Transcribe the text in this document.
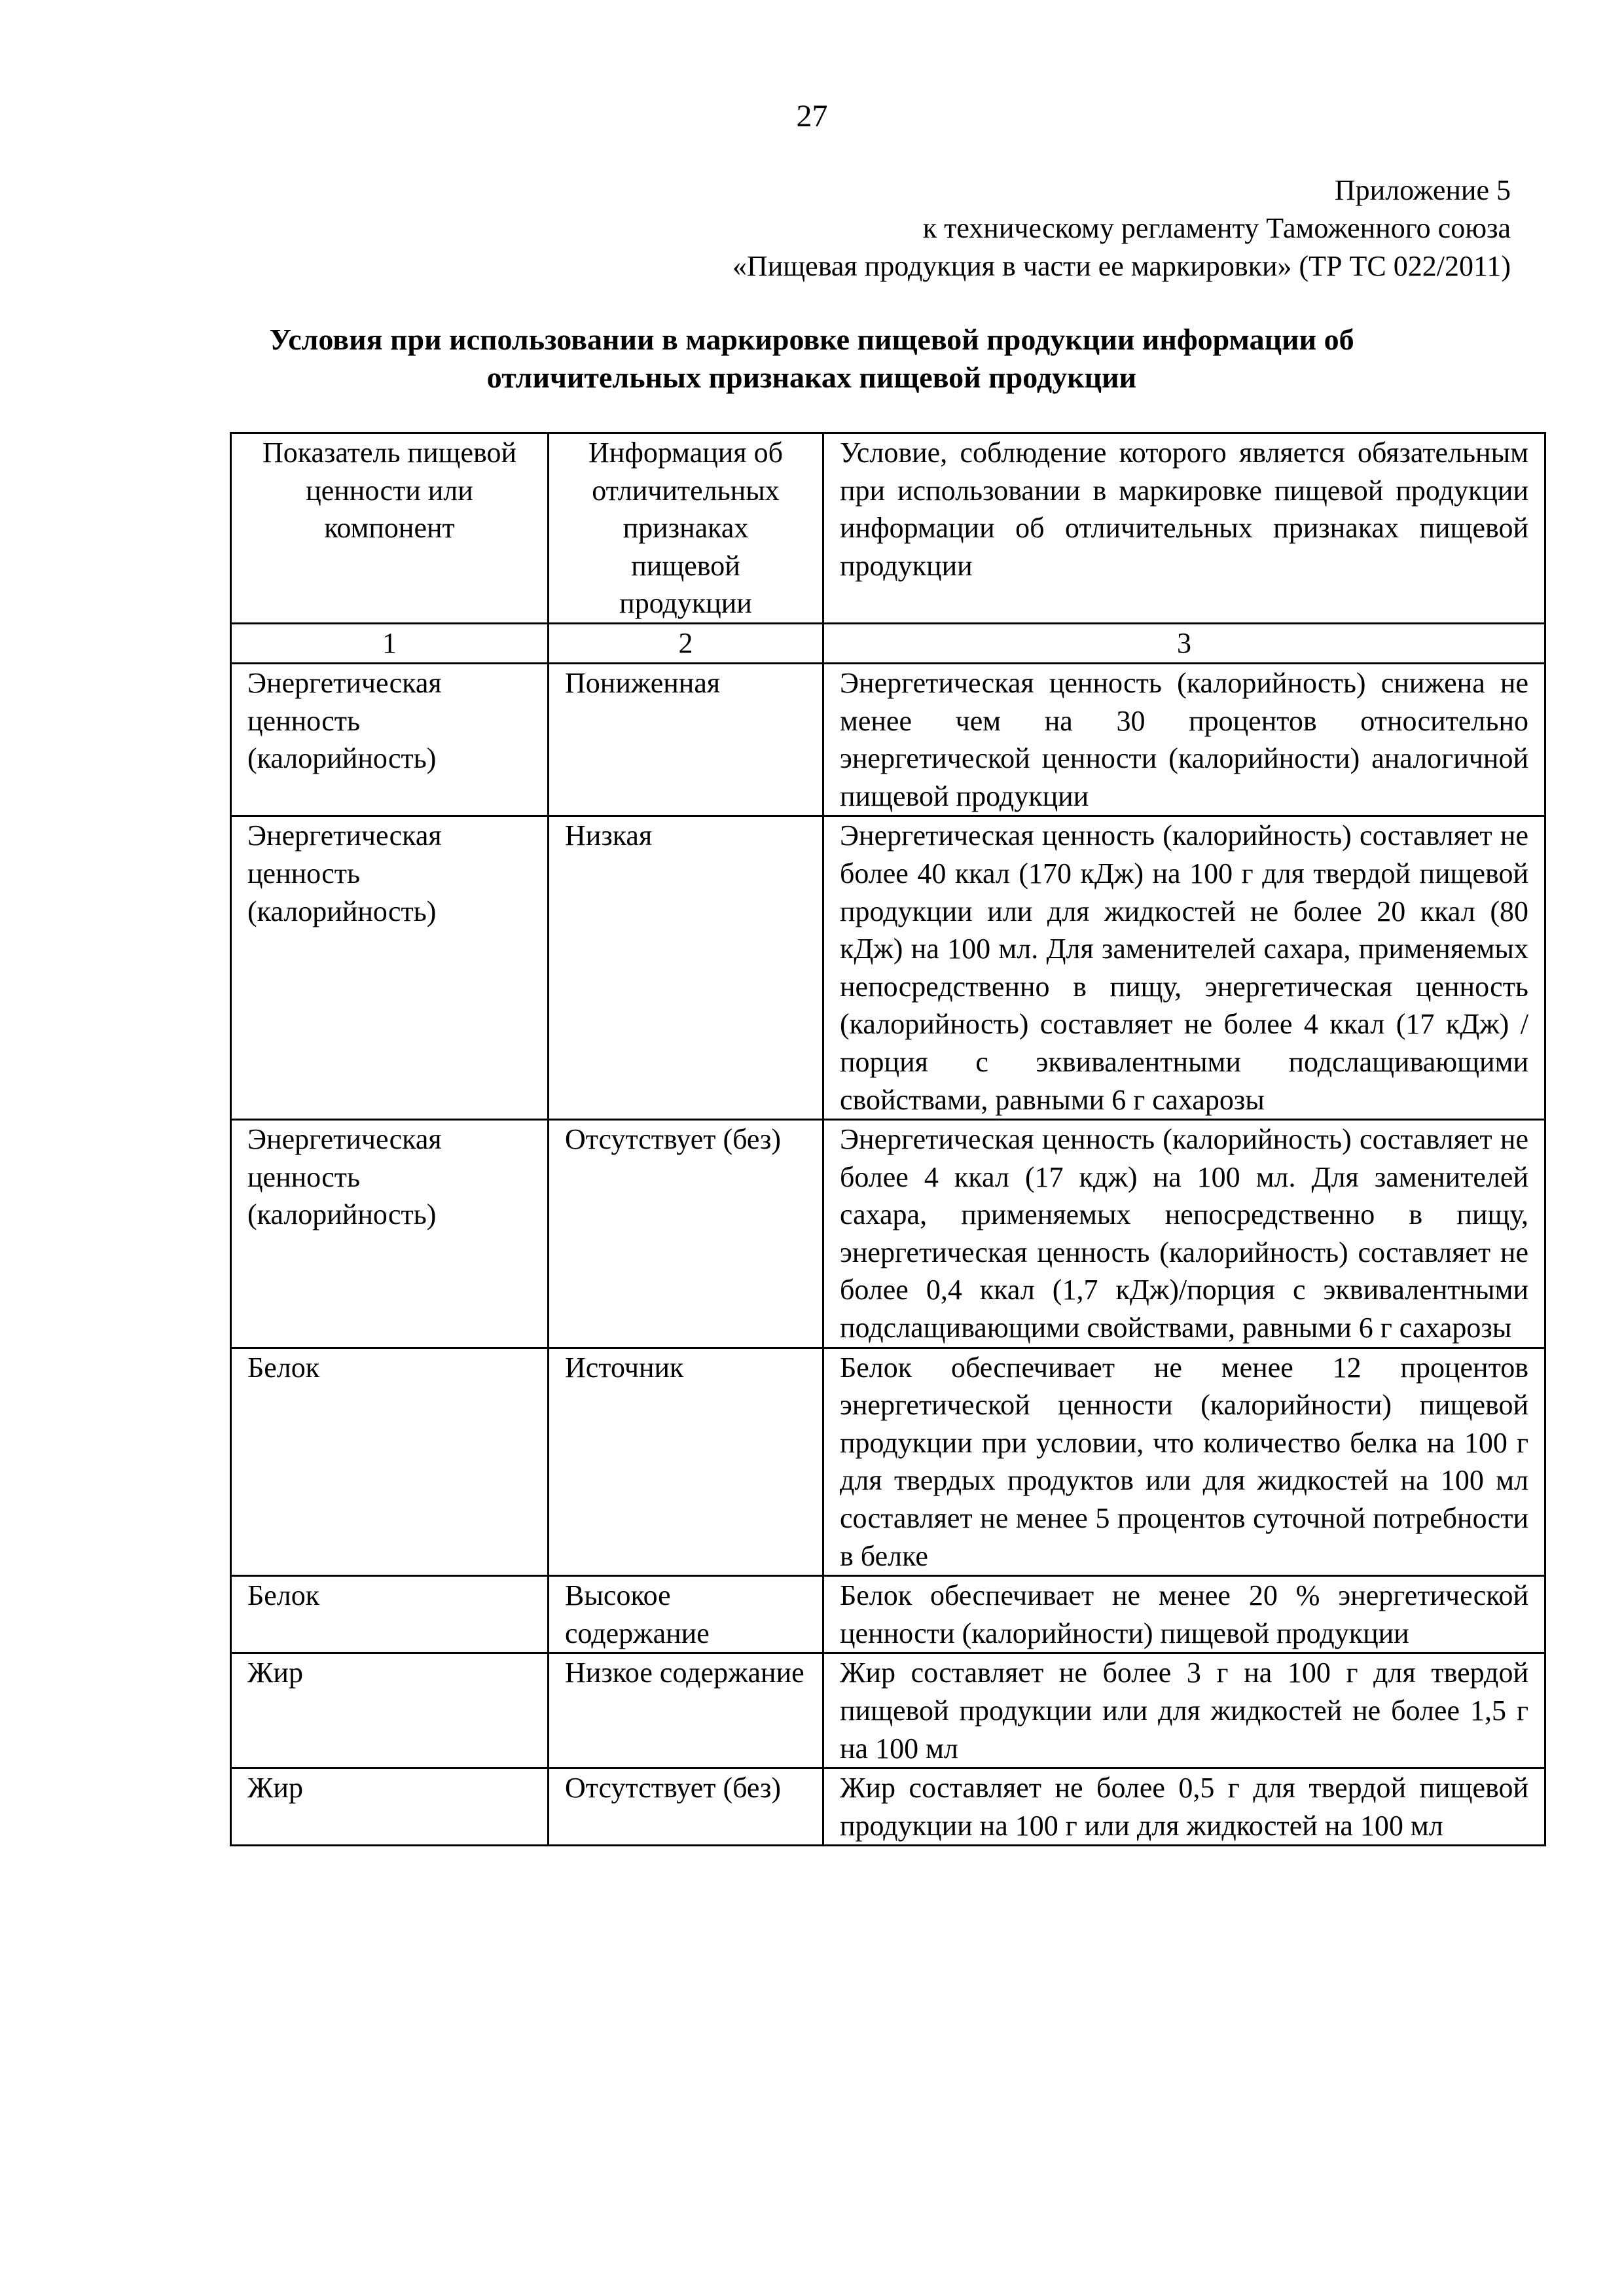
27
Приложение 5
к техническому регламенту Таможенного союза
«Пищевая продукция в части ее маркировки» (ТР ТС 022/2011)
Условия при использовании в маркировке пищевой продукции информации об
отличительных признаках пищевой продукции
Показатель пищевой ценности или компонент	Информация об отличительных признаках пищевой продукции	Условие, соблюдение которого является обязательным при использовании в маркировке пищевой продукции информации об отличительных признаках пищевой продукции
1	2	3
Энергетическая ценность (калорийность)	Пониженная	Энергетическая ценность (калорийность) снижена не менее чем на 30 процентов относительно энергетической ценности (калорийности) аналогичной пищевой продукции
Энергетическая ценность (калорийность)	Низкая	Энергетическая ценность (калорийность) составляет не более 40 ккал (170 кДж) на 100 г для твердой пищевой продукции или для жидкостей не более 20 ккал (80 кДж) на 100 мл. Для заменителей сахара, применяемых непосредственно в пищу, энергетическая ценность (калорийность) составляет не более 4 ккал (17 кДж) /порция с эквивалентными подслащивающими свойствами, равными 6 г сахарозы
Энергетическая ценность (калорийность)	Отсутствует (без)	Энергетическая ценность (калорийность) составляет не более 4 ккал (17 кдж) на 100 мл. Для заменителей сахара, применяемых непосредственно в пищу, энергетическая ценность (калорийность) составляет не более 0,4 ккал (1,7 кДж)/порция с эквивалентными подслащивающими свойствами, равными 6 г сахарозы
Белок	Источник	Белок обеспечивает не менее 12 процентов энергетической ценности (калорийности) пищевой продукции при условии, что количество белка на 100 г для твердых продуктов или для жидкостей на 100 мл составляет не менее 5 процентов суточной потребности в белке
Белок	Высокое содержание	Белок обеспечивает не менее 20 % энергетической ценности (калорийности) пищевой продукции
Жир	Низкое содержание	Жир составляет не более 3 г на 100 г для твердой пищевой продукции или для жидкостей не более 1,5 г на 100 мл
Жир	Отсутствует (без)	Жир составляет не более 0,5 г для твердой пищевой продукции на 100 г или для жидкостей на 100 мл
